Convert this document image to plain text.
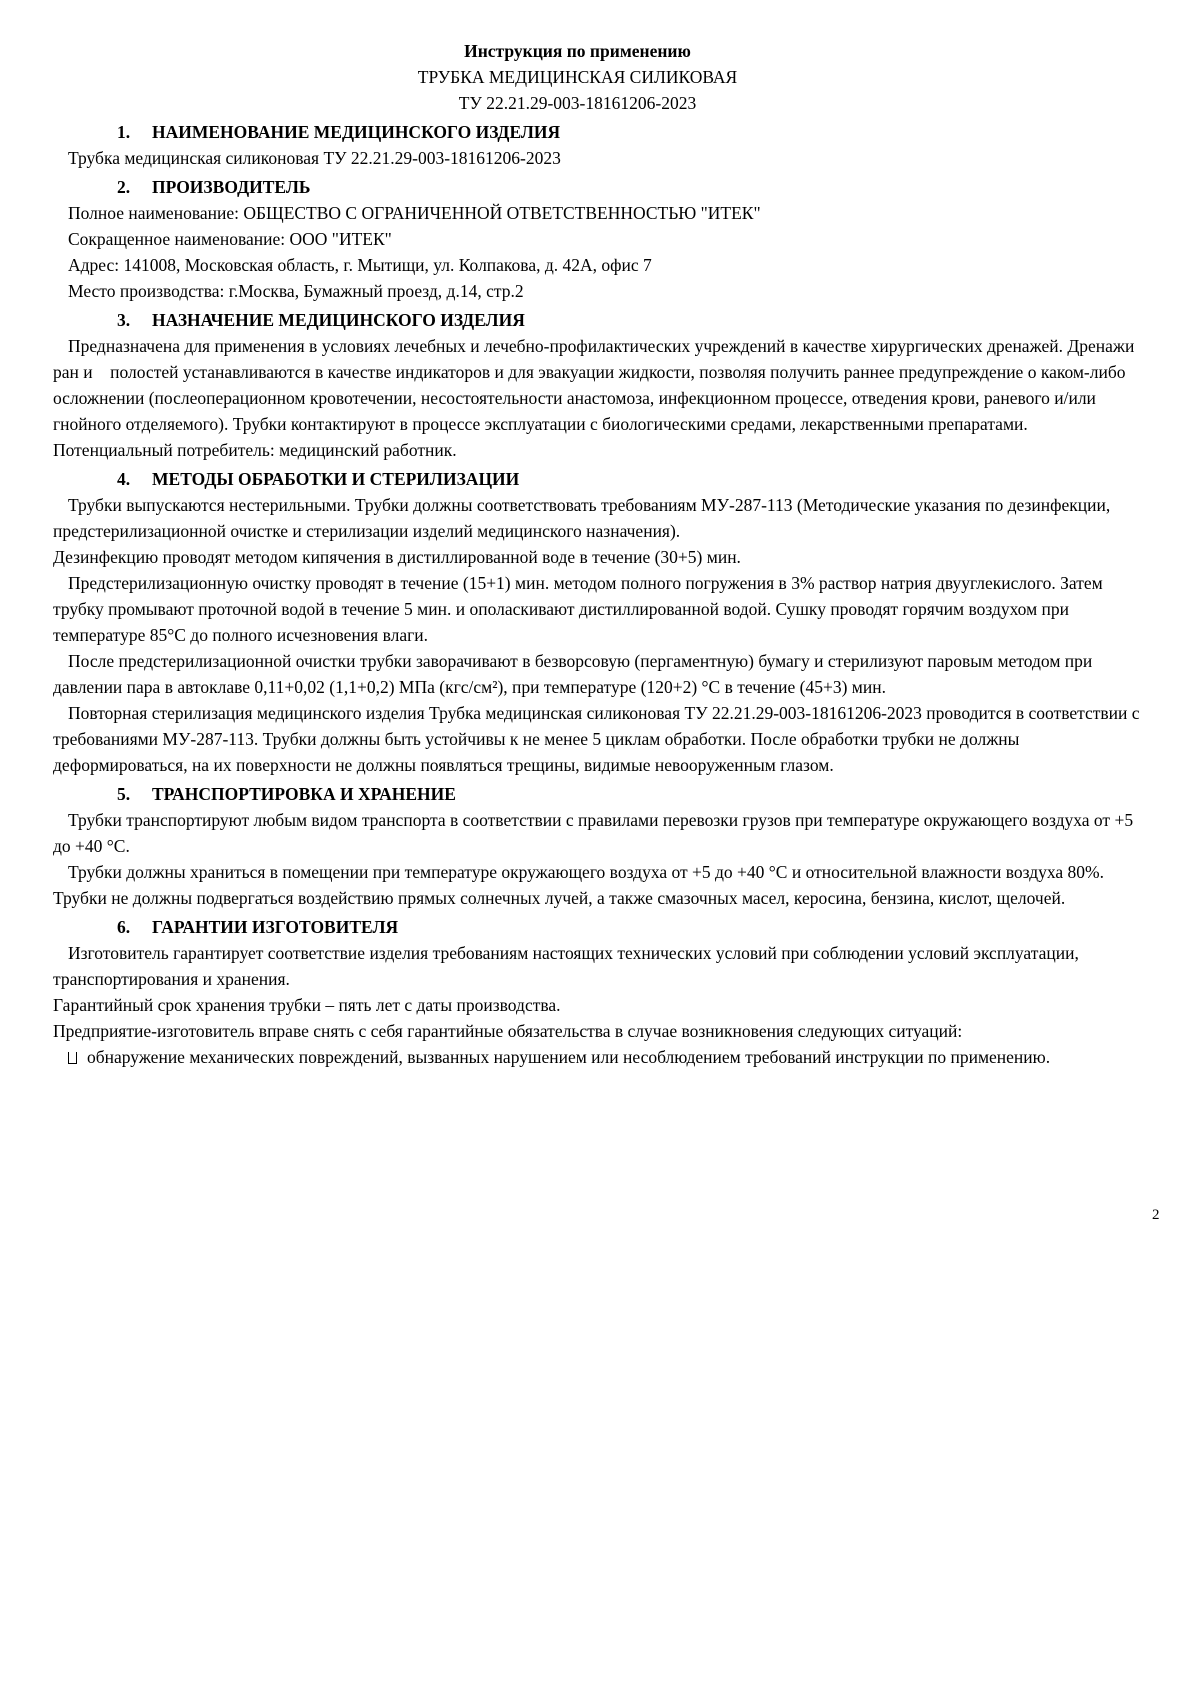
Инструкция по применению

ТРУБКА МЕДИЦИНСКАЯ СИЛИКОВАЯ

ТУ 22.21.29-003-18161206-2023

1. НАИМЕНОВАНИЕ МЕДИЦИНСКОГО ИЗДЕЛИЯ

Трубка медицинская силиконовая ТУ 22.21.29-003-18161206-2023

2. ПРОИЗВОДИТЕЛЬ

Полное наименование: ОБЩЕСТВО С ОГРАНИЧЕННОЙ ОТВЕТСТВЕННОСТЬЮ "ИТЕК"

Сокращенное наименование: ООО "ИТЕК"

Адрес: 141008, Московская область, г. Мытищи, ул. Колпакова, д. 42А, офис 7

Место производства: г.Москва, Бумажный проезд, д.14, стр.2

3. НАЗНАЧЕНИЕ МЕДИЦИНСКОГО ИЗДЕЛИЯ

Предназначена для применения в условиях лечебных и лечебно-профилактических учреждений в качестве хирургических дренажей. Дренажи ран и    полостей устанавливаются в качестве индикаторов и для эвакуации жидкости, позволяя получить раннее предупреждение о каком-либо осложнении (послеоперационном кровотечении, несостоятельности анастомоза, инфекционном процессе, отведения крови, раневого и/или гнойного отделяемого). Трубки контактируют в процессе эксплуатации с биологическими средами, лекарственными препаратами. Потенциальный потребитель: медицинский работник.

4. МЕТОДЫ ОБРАБОТКИ И СТЕРИЛИЗАЦИИ

Трубки выпускаются нестерильными. Трубки должны соответствовать требованиям МУ-287-113 (Методические указания по дезинфекции, предстерилизационной очистке и стерилизации изделий медицинского назначения).

Дезинфекцию проводят методом кипячения в дистиллированной воде в течение (30+5) мин.

Предстерилизационную очистку проводят в течение (15+1) мин. методом полного погружения в 3% раствор натрия двууглекислого. Затем трубку промывают проточной водой в течение 5 мин. и ополаскивают дистиллированной водой. Сушку проводят горячим воздухом при температуре 85°С до полного исчезновения влаги.

После предстерилизационной очистки трубки заворачивают в безворсовую (пергаментную) бумагу и стерилизуют паровым методом при давлении пара в автоклаве 0,11+0,02 (1,1+0,2) МПа (кгс/см²), при температуре (120+2) °С в течение (45+3) мин.

Повторная стерилизация медицинского изделия Трубка медицинская силиконовая ТУ 22.21.29-003-18161206-2023 проводится в соответствии с требованиями МУ-287-113. Трубки должны быть устойчивы к не менее 5 циклам обработки. После обработки трубки не должны деформироваться, на их поверхности не должны появляться трещины, видимые невооруженным глазом.

5. ТРАНСПОРТИРОВКА И ХРАНЕНИЕ

Трубки транспортируют любым видом транспорта в соответствии с правилами перевозки грузов при температуре окружающего воздуха от +5 до +40 °С.

Трубки должны храниться в помещении при температуре окружающего воздуха от +5 до +40 °С и относительной влажности воздуха 80%. Трубки не должны подвергаться воздействию прямых солнечных лучей, а также смазочных масел, керосина, бензина, кислот, щелочей.

6. ГАРАНТИИ ИЗГОТОВИТЕЛЯ

Изготовитель гарантирует соответствие изделия требованиям настоящих технических условий при соблюдении условий эксплуатации, транспортирования и хранения.

Гарантийный срок хранения трубки – пять лет с даты производства.

Предприятие-изготовитель вправе снять с себя гарантийные обязательства в случае возникновения следующих ситуаций:

обнаружение механических повреждений, вызванных нарушением или несоблюдением требований инструкции по применению.

2
